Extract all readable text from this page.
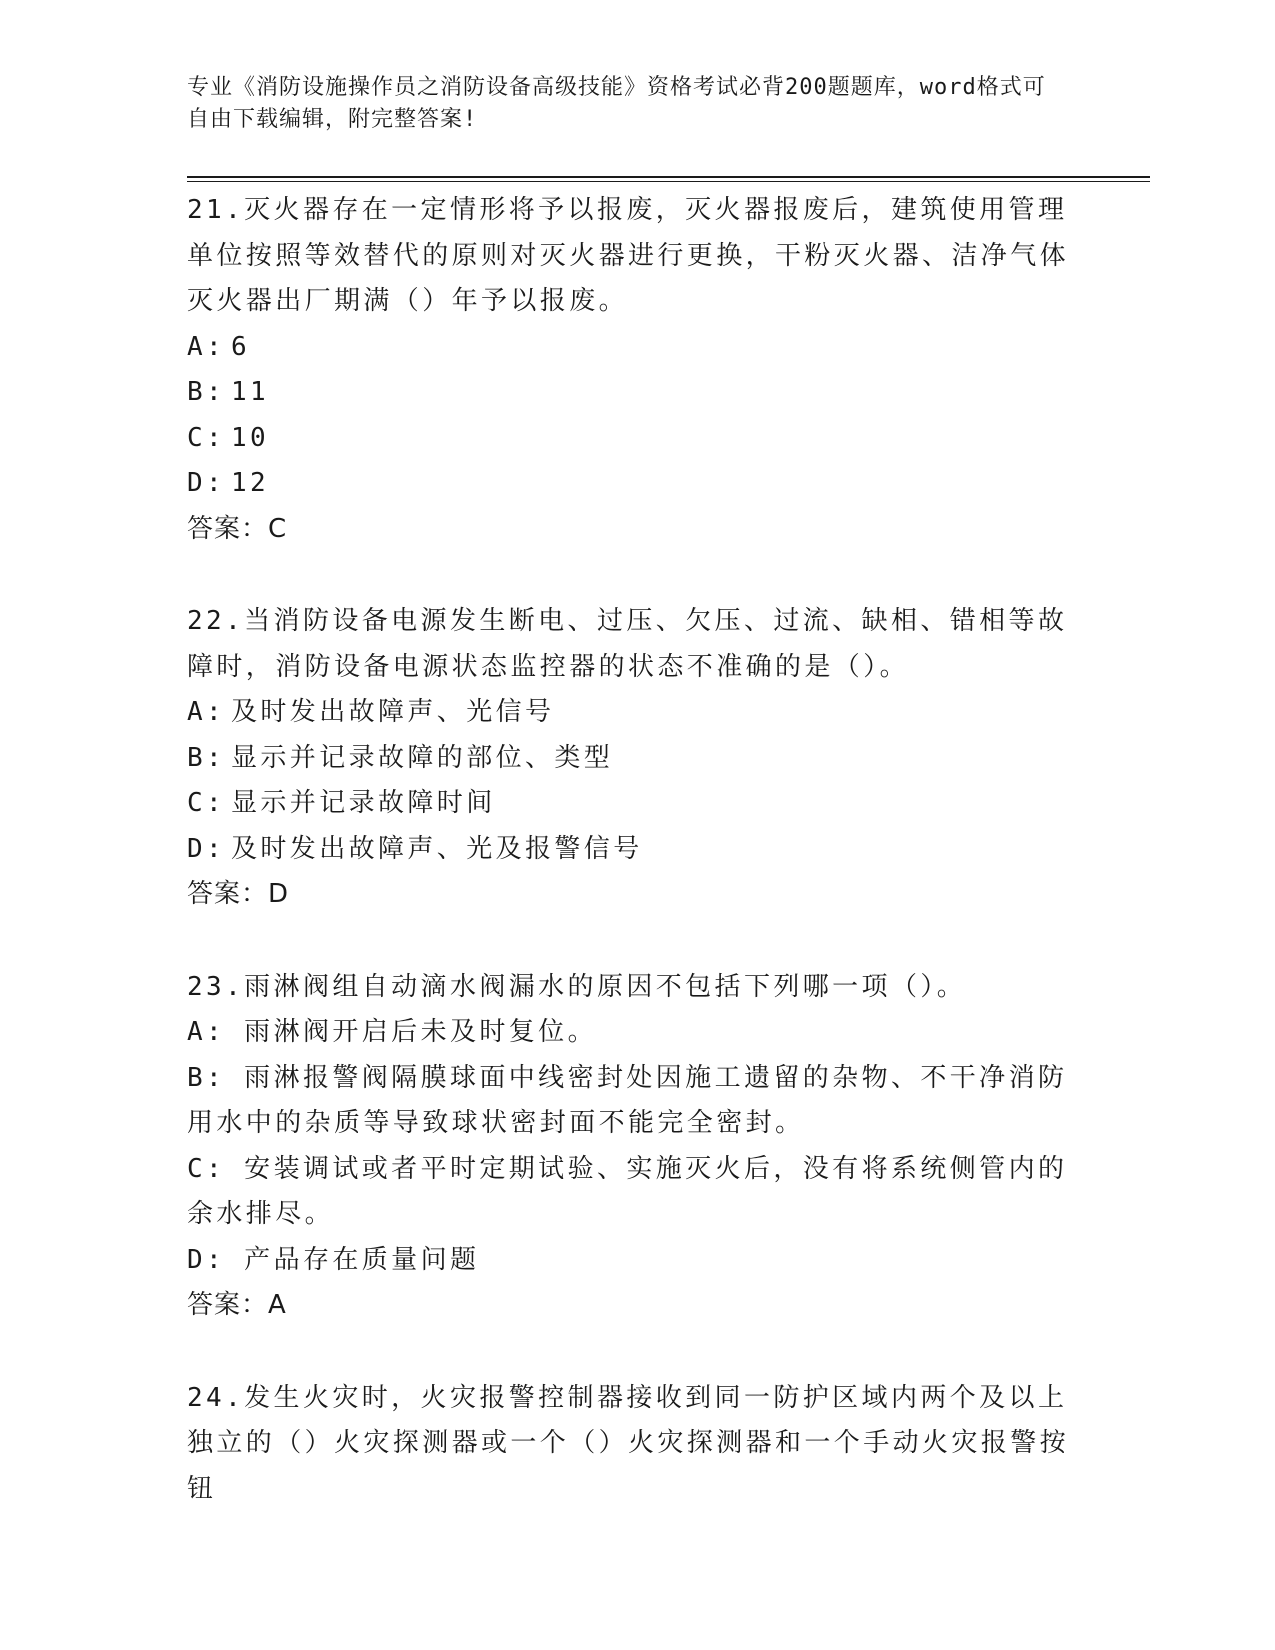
专业《消防设施操作员之消防设备高级技能》资格考试必背200题题库，word格式可自由下载编辑，附完整答案!

21.灭火器存在一定情形将予以报废，灭火器报废后，建筑使用管理单位按照等效替代的原则对灭火器进行更换，干粉灭火器、洁净气体灭火器出厂期满（）年予以报废。

A: 6

B: 11

C: 10

D: 12

答案：C

22.当消防设备电源发生断电、过压、欠压、过流、缺相、错相等故障时，消防设备电源状态监控器的状态不准确的是（）。

A: 及时发出故障声、光信号

B: 显示并记录故障的部位、类型

C: 显示并记录故障时间

D: 及时发出故障声、光及报警信号

答案：D

23.雨淋阀组自动滴水阀漏水的原因不包括下列哪一项（）。

A: 雨淋阀开启后未及时复位。

B: 雨淋报警阀隔膜球面中线密封处因施工遗留的杂物、不干净消防用水中的杂质等导致球状密封面不能完全密封。

C: 安装调试或者平时定期试验、实施灭火后，没有将系统侧管内的余水排尽。

D: 产品存在质量问题

答案：A

24.发生火灾时，火灾报警控制器接收到同一防护区域内两个及以上独立的（）火灾探测器或一个（）火灾探测器和一个手动火灾报警按钮
